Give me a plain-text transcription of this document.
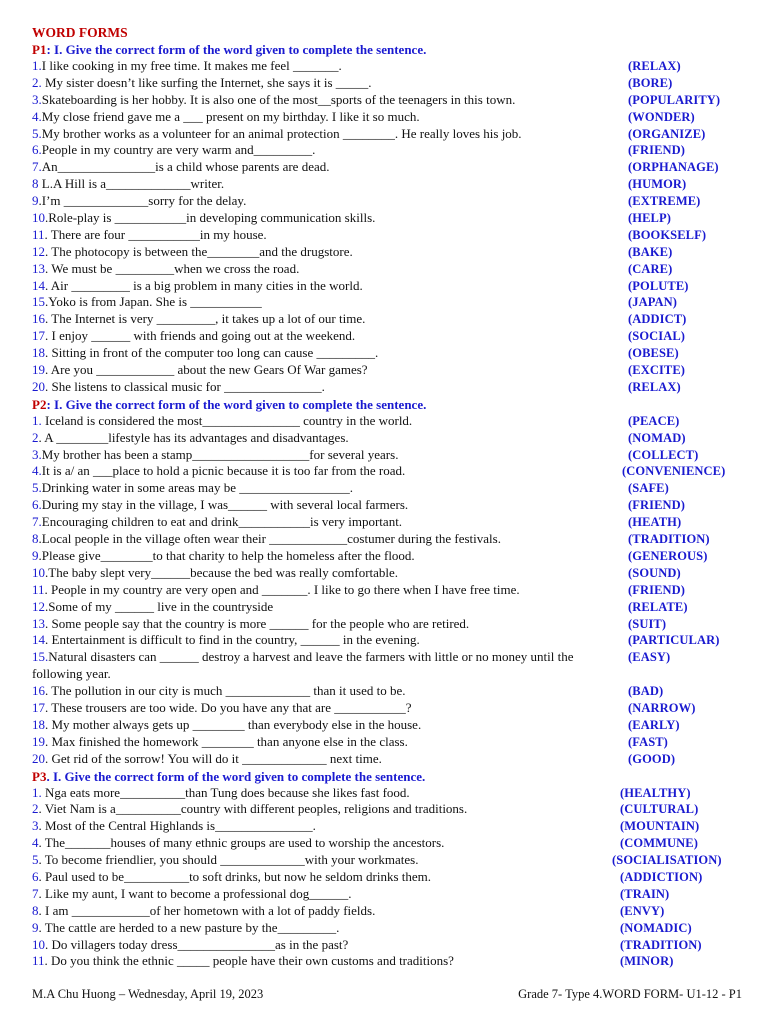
WORD FORMS
P1: I. Give the correct form of the word given to complete the sentence.
1.I like cooking in my free time. It makes me feel _______.	(RELAX)
2. My sister doesn’t like surfing the Internet, she says it is _____.	(BORE)
3.Skateboarding is her hobby. It is also one of the most__sports of the teenagers in this town.	(POPULARITY)
4.My close friend gave me a ___ present on my birthday. I like it so much.	(WONDER)
5.My brother works as a volunteer for an animal protection ________. He really loves his job.	(ORGANIZE)
6.People in my country are very warm and_________.	(FRIEND)
7.An_______________is a child whose parents are dead.	(ORPHANAGE)
8 L.A Hill is a_____________writer.	(HUMOR)
9.I’m _____________sorry for the delay.	(EXTREME)
10.Role-play is ___________in developing communication skills.	(HELP)
11. There are four ___________in my house.	(BOOKSELF)
12. The photocopy is between the________and the drugstore.	(BAKE)
13. We must be _________when we cross the road.	(CARE)
14. Air _________ is a big problem in many cities in the world.	(POLUTE)
15.Yoko is from Japan. She is ___________	(JAPAN)
16. The Internet is very _________, it takes up a lot of our time.	(ADDICT)
17. I enjoy ______ with friends and going out at the weekend.	(SOCIAL)
18. Sitting in front of the computer too long can cause _________.	(OBESE)
19. Are you ____________ about the new Gears Of War games?	(EXCITE)
20. She listens to classical music for _______________.	(RELAX)
P2: I. Give the correct form of the word given to complete the sentence.
1. Iceland is considered the most_______________ country in the world.	(PEACE)
2. A ________lifestyle has its advantages and disadvantages.	(NOMAD)
3.My brother has been a stamp__________________for several years.	(COLLECT)
4.It is a/ an ___place to hold a picnic because it is too far from the road.	(CONVENIENCE)
5.Drinking water in some areas may be _________________.	(SAFE)
6.During my stay in the village, I was______ with several local farmers.	(FRIEND)
7.Encouraging children to eat and drink___________is very important.	(HEATH)
8.Local people in the village often wear their ____________costumer during the festivals.	(TRADITION)
9.Please give________to that charity to help the homeless after the flood.	(GENEROUS)
10.The baby slept very______because the bed was really comfortable.	(SOUND)
11. People in my country are very open and _______. I like to go there when I have free time.	(FRIEND)
12.Some of my ______ live in the countryside	(RELATE)
13. Some people say that the country is more ______ for the people who are retired.	(SUIT)
14. Entertainment is difficult to find in the country, ______ in the evening.	(PARTICULAR)
15.Natural disasters can ______ destroy a harvest and leave the farmers with little or no money until the following year.
(EASY)
16. The pollution in our city is much _____________ than it used to be.	(BAD)
17. These trousers are too wide. Do you have any that are ___________?	(NARROW)
18. My mother always gets up ________ than everybody else in the house.	(EARLY)
19. Max finished the homework ________ than anyone else in the class.	(FAST)
20. Get rid of the sorrow! You will do it _____________ next time.	(GOOD)
P3. I. Give the correct form of the word given to complete the sentence.
1. Nga eats more__________than Tung does because she likes fast food.	(HEALTHY)
2. Viet Nam is a__________country with different peoples, religions and traditions.	(CULTURAL)
3. Most of the Central Highlands is_______________.	(MOUNTAIN)
4. The_______houses of many ethnic groups are used to worship the ancestors.	(COMMUNE)
5. To become friendlier, you should _____________with your workmates.	(SOCIALISATION)
6. Paul used to be__________to soft drinks, but now he seldom drinks them.	(ADDICTION)
7. Like my aunt, I want to become a professional dog______.	(TRAIN)
8. I am ____________of her hometown with a lot of paddy fields.	(ENVY)
9. The cattle are herded to a new pasture by the_________.	(NOMADIC)
10. Do villagers today dress_______________as in the past?	(TRADITION)
11. Do you think the ethnic _____ people have their own customs and traditions?	(MINOR)
M.A Chu Huong – Wednesday, April 19, 2023	Grade 7- Type 4.WORD FORM- U1-12 - P1
